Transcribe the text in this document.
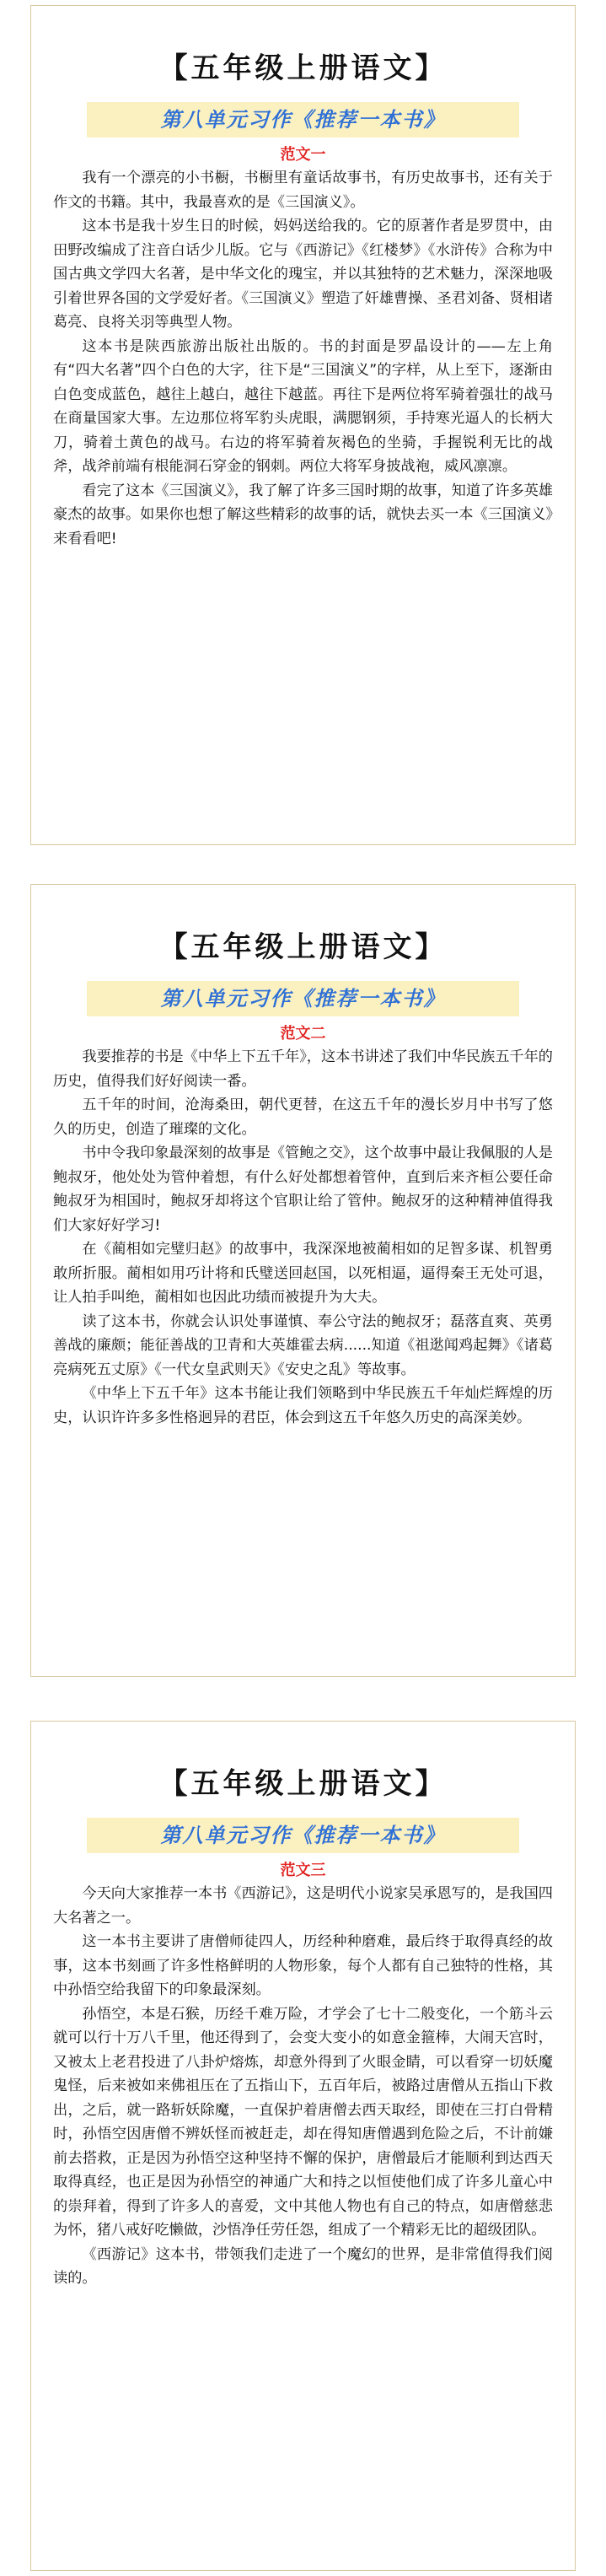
【五年级上册语文】
第八单元习作《推荐一本书》
范文一

我有一个漂亮的小书橱，书橱里有童话故事书，有历史故事书，还有关于作文的书籍。其中，我最喜欢的是《三国演义》。

这本书是我十岁生日的时候，妈妈送给我的。它的原著作者是罗贯中，由田野改编成了注音白话少儿版。它与《西游记》《红楼梦》《水浒传》合称为中国古典文学四大名著，是中华文化的瑰宝，并以其独特的艺术魅力，深深地吸引着世界各国的文学爱好者。《三国演义》塑造了奸雄曹操、圣君刘备、贤相诸葛亮、良将关羽等典型人物。

这本书是陕西旅游出版社出版的。书的封面是罗晶设计的——左上角有“四大名著”四个白色的大字，往下是“三国演义”的字样，从上至下，逐渐由白色变成蓝色，越往上越白，越往下越蓝。再往下是两位将军骑着强壮的战马在商量国家大事。左边那位将军豹头虎眼，满腮钢须，手持寒光逼人的长柄大刀，骑着土黄色的战马。右边的将军骑着灰褐色的坐骑，手握锐利无比的战斧，战斧前端有根能洞石穿金的钢刺。两位大将军身披战袍，威风凛凛。

看完了这本《三国演义》，我了解了许多三国时期的故事，知道了许多英雄豪杰的故事。如果你也想了解这些精彩的故事的话，就快去买一本《三国演义》来看看吧!

【五年级上册语文】
第八单元习作《推荐一本书》
范文二

我要推荐的书是《中华上下五千年》，这本书讲述了我们中华民族五千年的历史，值得我们好好阅读一番。

五千年的时间，沧海桑田，朝代更替，在这五千年的漫长岁月中书写了悠久的历史，创造了璀璨的文化。

书中令我印象最深刻的故事是《管鲍之交》，这个故事中最让我佩服的人是鲍叔牙，他处处为管仲着想，有什么好处都想着管仲，直到后来齐桓公要任命鲍叔牙为相国时，鲍叔牙却将这个官职让给了管仲。鲍叔牙的这种精神值得我们大家好好学习!

在《蔺相如完璧归赵》的故事中，我深深地被蔺相如的足智多谋、机智勇敢所折服。蔺相如用巧计将和氏璧送回赵国，以死相逼，逼得秦王无处可退，让人拍手叫绝，蔺相如也因此功绩而被提升为大夫。

读了这本书，你就会认识处事谨慎、奉公守法的鲍叔牙；磊落直爽、英勇善战的廉颇；能征善战的卫青和大英雄霍去病......知道《祖逖闻鸡起舞》《诸葛亮病死五丈原》《一代女皇武则天》《安史之乱》等故事。

《中华上下五千年》这本书能让我们领略到中华民族五千年灿烂辉煌的历史，认识许许多多性格迥异的君臣，体会到这五千年悠久历史的高深美妙。

【五年级上册语文】
第八单元习作《推荐一本书》
范文三

今天向大家推荐一本书《西游记》，这是明代小说家吴承恩写的，是我国四大名著之一。

这一本书主要讲了唐僧师徒四人，历经种种磨难，最后终于取得真经的故事，这本书刻画了许多性格鲜明的人物形象，每个人都有自己独特的性格，其中孙悟空给我留下的印象最深刻。

孙悟空，本是石猴，历经千难万险，才学会了七十二般变化，一个筋斗云就可以行十万八千里，他还得到了，会变大变小的如意金箍棒，大闹天宫时，又被太上老君投进了八卦炉熔炼，却意外得到了火眼金睛，可以看穿一切妖魔鬼怪，后来被如来佛祖压在了五指山下，五百年后，被路过唐僧从五指山下救出，之后，就一路斩妖除魔，一直保护着唐僧去西天取经，即使在三打白骨精时，孙悟空因唐僧不辨妖怪而被赶走，却在得知唐僧遇到危险之后，不计前嫌前去搭救，正是因为孙悟空这种坚持不懈的保护，唐僧最后才能顺利到达西天取得真经，也正是因为孙悟空的神通广大和持之以恒使他们成了许多儿童心中的崇拜着，得到了许多人的喜爱，文中其他人物也有自己的特点，如唐僧慈悲为怀，猪八戒好吃懒做，沙悟净任劳任怨，组成了一个精彩无比的超级团队。

《西游记》这本书，带领我们走进了一个魔幻的世界，是非常值得我们阅读的。
